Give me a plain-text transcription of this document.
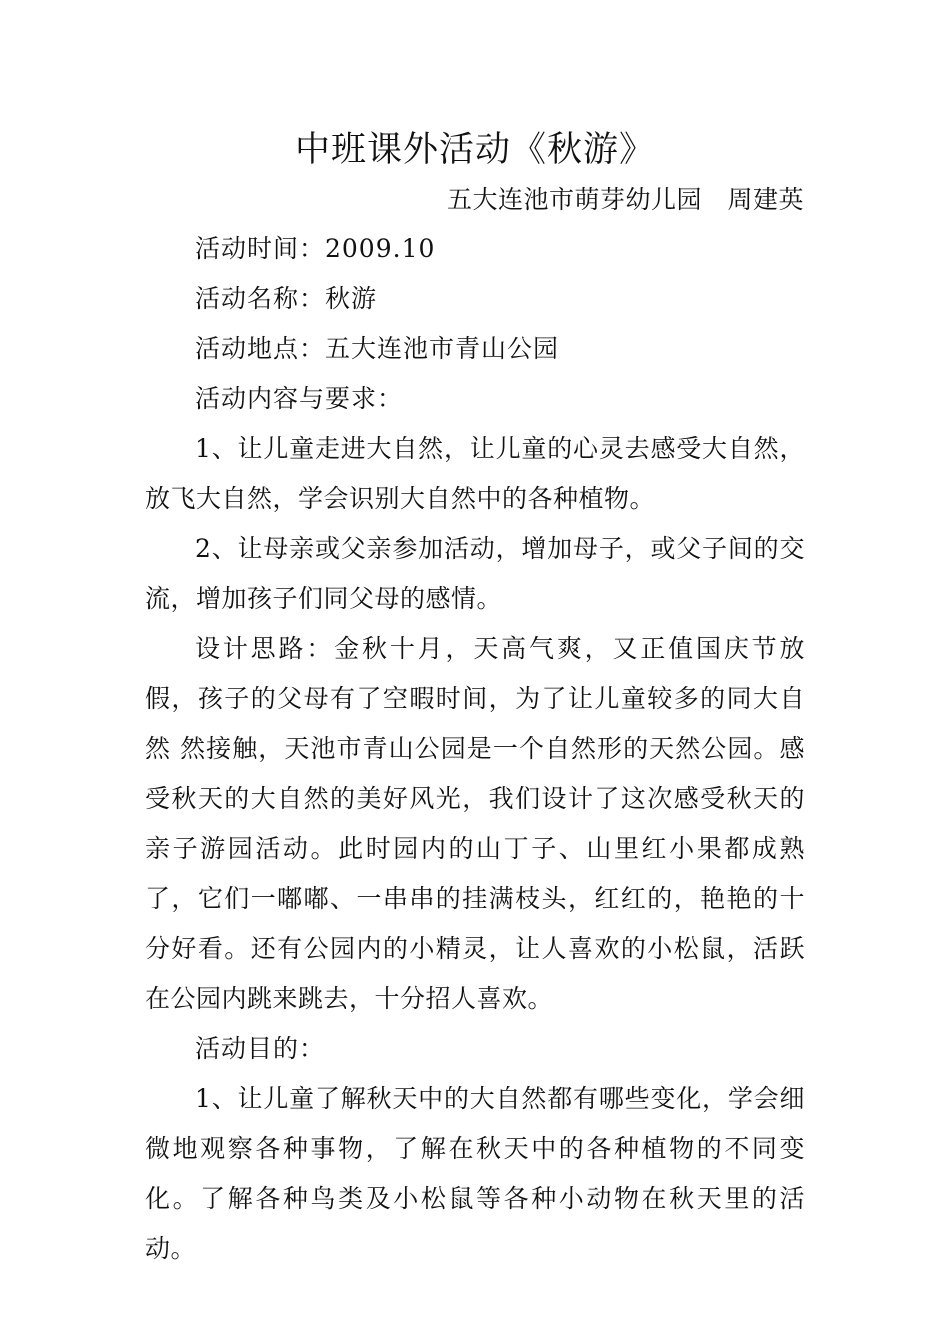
中班课外活动《秋游》
五大连池市萌芽幼儿园　周建英
活动时间：2009.10
活动名称：秋游
活动地点：五大连池市青山公园
活动内容与要求：
1、让儿童走进大自然，让儿童的心灵去感受大自然，放飞大自然，学会识别大自然中的各种植物。
2、让母亲或父亲参加活动，增加母子，或父子间的交流，增加孩子们同父母的感情。
设计思路：金秋十月，天高气爽，又正值国庆节放假，孩子的父母有了空暇时间，为了让儿童较多的同大自然 然接触，天池市青山公园是一个自然形的天然公园。感受秋天的大自然的美好风光，我们设计了这次感受秋天的亲子游园活动。此时园内的山丁子、山里红小果都成熟了，它们一嘟嘟、一串串的挂满枝头，红红的，艳艳的十分好看。还有公园内的小精灵，让人喜欢的小松鼠，活跃在公园内跳来跳去，十分招人喜欢。
活动目的：
1、让儿童了解秋天中的大自然都有哪些变化，学会细微地观察各种事物，了解在秋天中的各种植物的不同变化。了解各种鸟类及小松鼠等各种小动物在秋天里的活动。
